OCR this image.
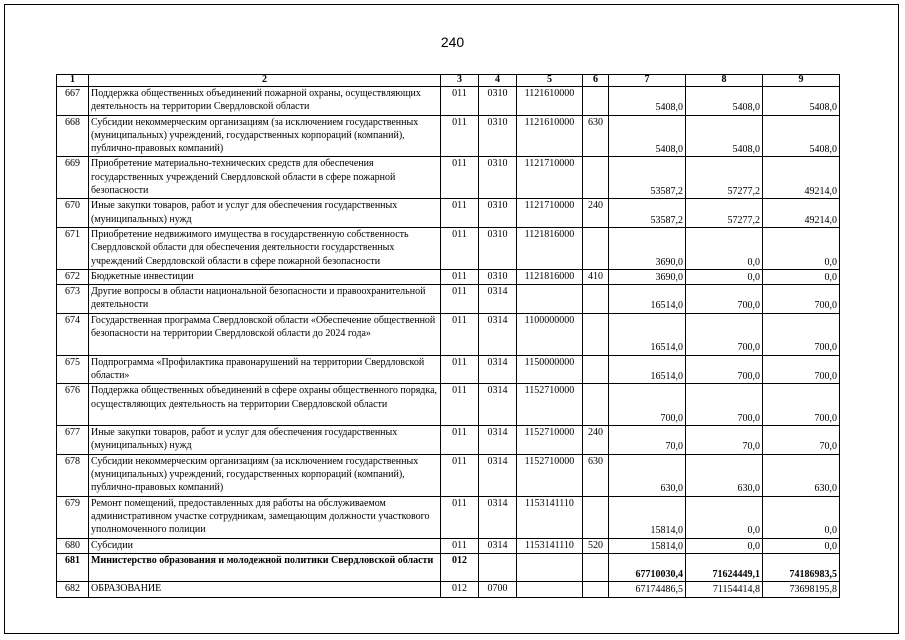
240
1	2	3	4	5	6	7	8	9
667	Поддержка общественных объединений пожарной охраны, осуществляющих деятельность на территории Свердловской области	011	0310	1121610000		5408,0	5408,0	5408,0
668	Субсидии некоммерческим организациям (за исключением государственных (муниципальных) учреждений, государственных корпораций (компаний), публично-правовых компаний)	011	0310	1121610000	630	5408,0	5408,0	5408,0
669	Приобретение материально-технических средств для обеспечения государственных учреждений Свердловской области в сфере пожарной безопасности	011	0310	1121710000		53587,2	57277,2	49214,0
670	Иные закупки товаров, работ и услуг для обеспечения государственных (муниципальных) нужд	011	0310	1121710000	240	53587,2	57277,2	49214,0
671	Приобретение недвижимого имущества в государственную собственность Свердловской области для обеспечения деятельности государственных учреждений Свердловской области в сфере пожарной безопасности	011	0310	1121816000		3690,0	0,0	0,0
672	Бюджетные инвестиции	011	0310	1121816000	410	3690,0	0,0	0,0
673	Другие вопросы в области национальной безопасности и правоохранительной деятельности	011	0314			16514,0	700,0	700,0
674	Государственная программа Свердловской области «Обеспечение общественной безопасности на территории Свердловской области до 2024 года»	011	0314	1100000000		16514,0	700,0	700,0
675	Подпрограмма «Профилактика правонарушений на территории Свердловской области»	011	0314	1150000000		16514,0	700,0	700,0
676	Поддержка общественных объединений в сфере охраны общественного порядка, осуществляющих деятельность на территории Свердловской области	011	0314	1152710000		700,0	700,0	700,0
677	Иные закупки товаров, работ и услуг для обеспечения государственных (муниципальных) нужд	011	0314	1152710000	240	70,0	70,0	70,0
678	Субсидии некоммерческим организациям (за исключением государственных (муниципальных) учреждений, государственных корпораций (компаний), публично-правовых компаний)	011	0314	1152710000	630	630,0	630,0	630,0
679	Ремонт помещений, предоставленных для работы на обслуживаемом административном участке сотрудникам, замещающим должности участкового уполномоченного полиции	011	0314	1153141110		15814,0	0,0	0,0
680	Субсидии	011	0314	1153141110	520	15814,0	0,0	0,0
681	Министерство образования и молодежной политики Свердловской области	012				67710030,4	71624449,1	74186983,5
682	ОБРАЗОВАНИЕ	012	0700			67174486,5	71154414,8	73698195,8
